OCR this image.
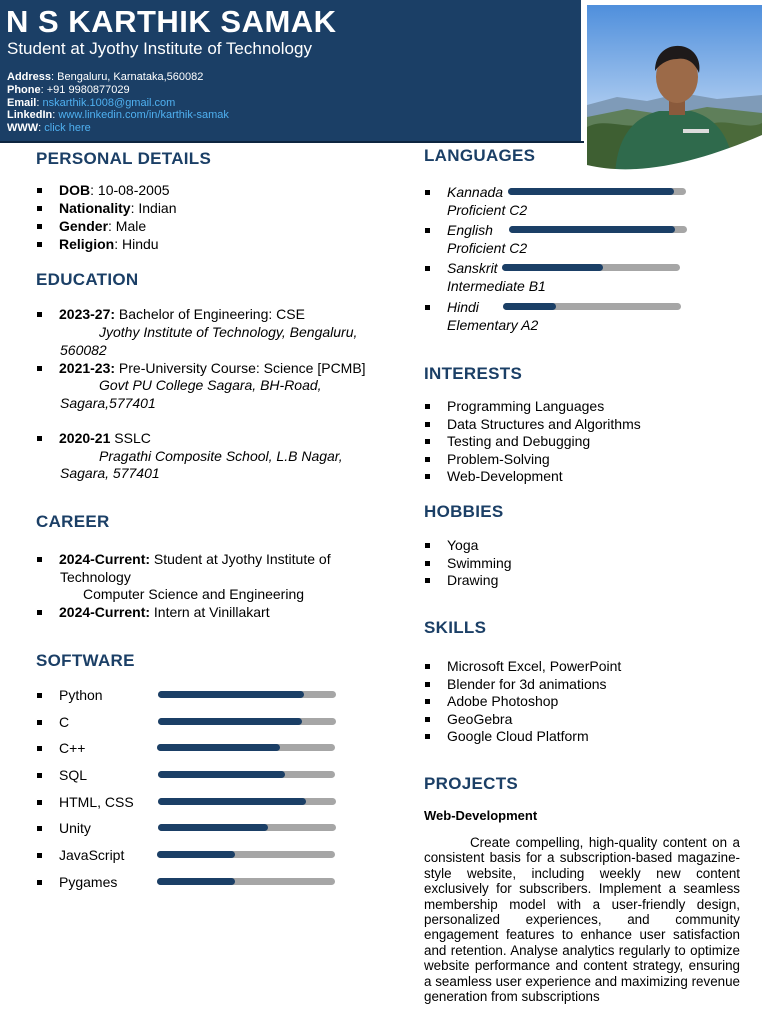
N S KARTHIK SAMAK
Student at Jyothy Institute of Technology
Address: Bengaluru, Karnataka,560082
Phone: +91 9980877029
Email: nskarthik.1008@gmail.com
LinkedIn: www.linkedin.com/in/karthik-samak
WWW: click here
PERSONAL DETAILS
DOB: 10-08-2005
Nationality: Indian
Gender: Male
Religion: Hindu
EDUCATION
2023-27: Bachelor of Engineering: CSE
Jyothy Institute of Technology, Bengaluru,
560082
2021-23: Pre-University Course: Science [PCMB]
Govt PU College Sagara, BH-Road,
Sagara,577401
2020-21 SSLC
Pragathi Composite School, L.B Nagar,
Sagara, 577401
CAREER
2024-Current: Student at Jyothy Institute of
Technology
Computer Science and Engineering
2024-Current: Intern at Vinillakart
SOFTWARE
Python
C
C++
SQL
HTML, CSS
Unity
JavaScript
Pygames
LANGUAGES
Kannada
Proficient C2
English
Proficient C2
Sanskrit
Intermediate B1
Hindi
Elementary A2
INTERESTS
Programming Languages
Data Structures and Algorithms
Testing and Debugging
Problem-Solving
Web-Development
HOBBIES
Yoga
Swimming
Drawing
SKILLS
Microsoft Excel, PowerPoint
Blender for 3d animations
Adobe Photoshop
GeoGebra
Google Cloud Platform
PROJECTS
Web-Development
Create compelling, high-quality content on a consistent basis for a subscription-based magazine-style website, including weekly new content exclusively for subscribers. Implement a seamless membership model with a user-friendly design, personalized experiences, and community engagement features to enhance user satisfaction and retention. Analyse analytics regularly to optimize website performance and content strategy, ensuring a seamless user experience and maximizing revenue generation from subscriptions
